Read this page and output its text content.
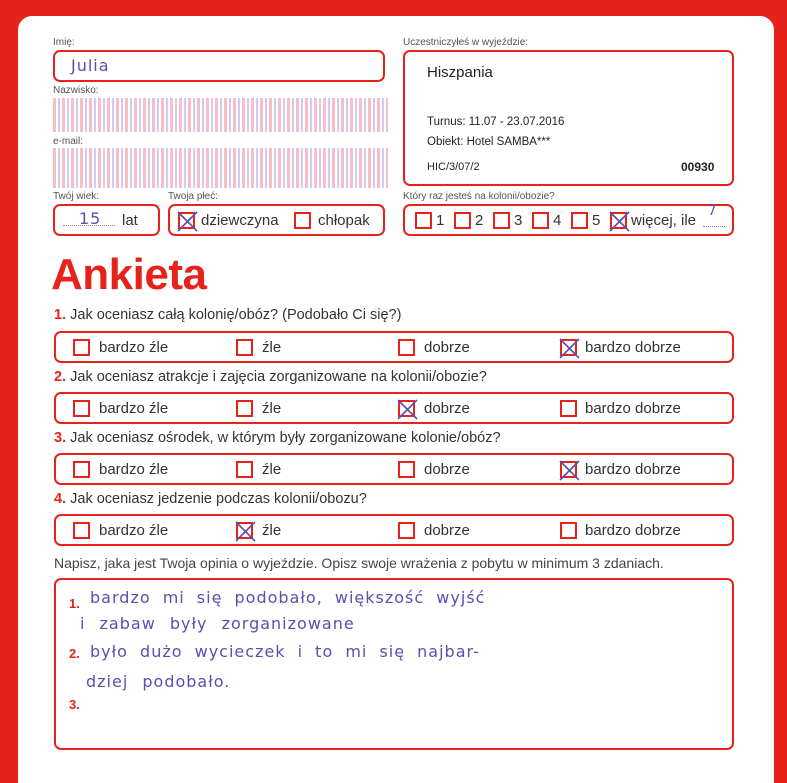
Imię:
Julia
Nazwisko:
e-mail:
Twój wiek:
15 lat
Twoja płeć:
dziewczyna	chłopak
Uczestniczyłeś w wyjeździe:
Hiszpania
Turnus: 11.07 - 23.07.2016
Obiekt: Hotel SAMBA***
HIC/3/07/2	00930
Który raz jesteś na kolonii/obozie?
1 2 3 4 5 więcej, ile
7
Ankieta
1. Jak oceniasz całą kolonię/obóz? (Podobało Ci się?)
bardzo źle	źle	dobrze	bardzo dobrze
2. Jak oceniasz atrakcje i zajęcia zorganizowane na kolonii/obozie?
bardzo źle	źle	dobrze	bardzo dobrze
3. Jak oceniasz ośrodek, w którym były zorganizowane kolonie/obóz?
bardzo źle	źle	dobrze	bardzo dobrze
4. Jak oceniasz jedzenie podczas kolonii/obozu?
bardzo źle	źle	dobrze	bardzo dobrze
Napisz, jaka jest Twoja opinia o wyjeździe. Opisz swoje wrażenia z pobytu w minimum 3 zdaniach.
1.
2.
3.
bardzo mi się podobało, większość wyjść
i zabaw były zorganizowane
było dużo wycieczek i to mi się najbar-
dziej podobało.
